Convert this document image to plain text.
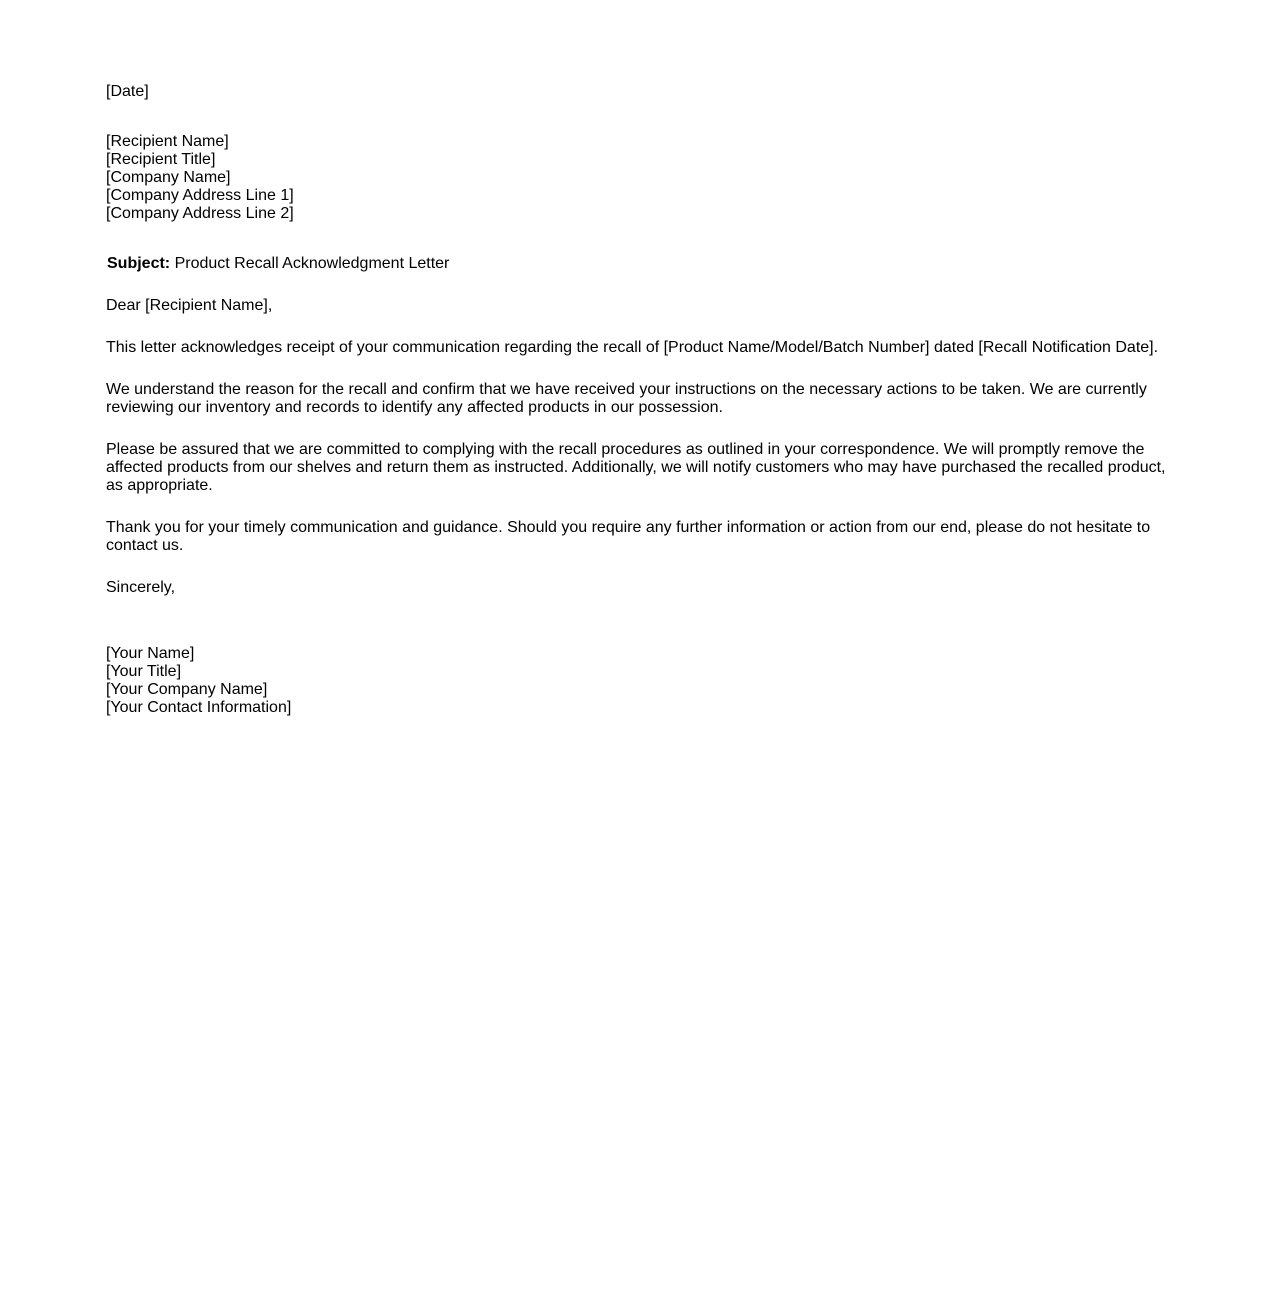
[Date]
[Recipient Name]
[Recipient Title]
[Company Name]
[Company Address Line 1]
[Company Address Line 2]
Subject: Product Recall Acknowledgment Letter
Dear [Recipient Name],

This letter acknowledges receipt of your communication regarding the recall of [Product Name/Model/Batch Number] dated [Recall Notification Date].

We understand the reason for the recall and confirm that we have received your instructions on the necessary actions to be taken. We are currently reviewing our inventory and records to identify any affected products in our possession.

Please be assured that we are committed to complying with the recall procedures as outlined in your correspondence. We will promptly remove the affected products from our shelves and return them as instructed. Additionally, we will notify customers who may have purchased the recalled product, as appropriate.

Thank you for your timely communication and guidance. Should you require any further information or action from our end, please do not hesitate to contact us.

Sincerely,
[Your Name]
[Your Title]
[Your Company Name]
[Your Contact Information]
